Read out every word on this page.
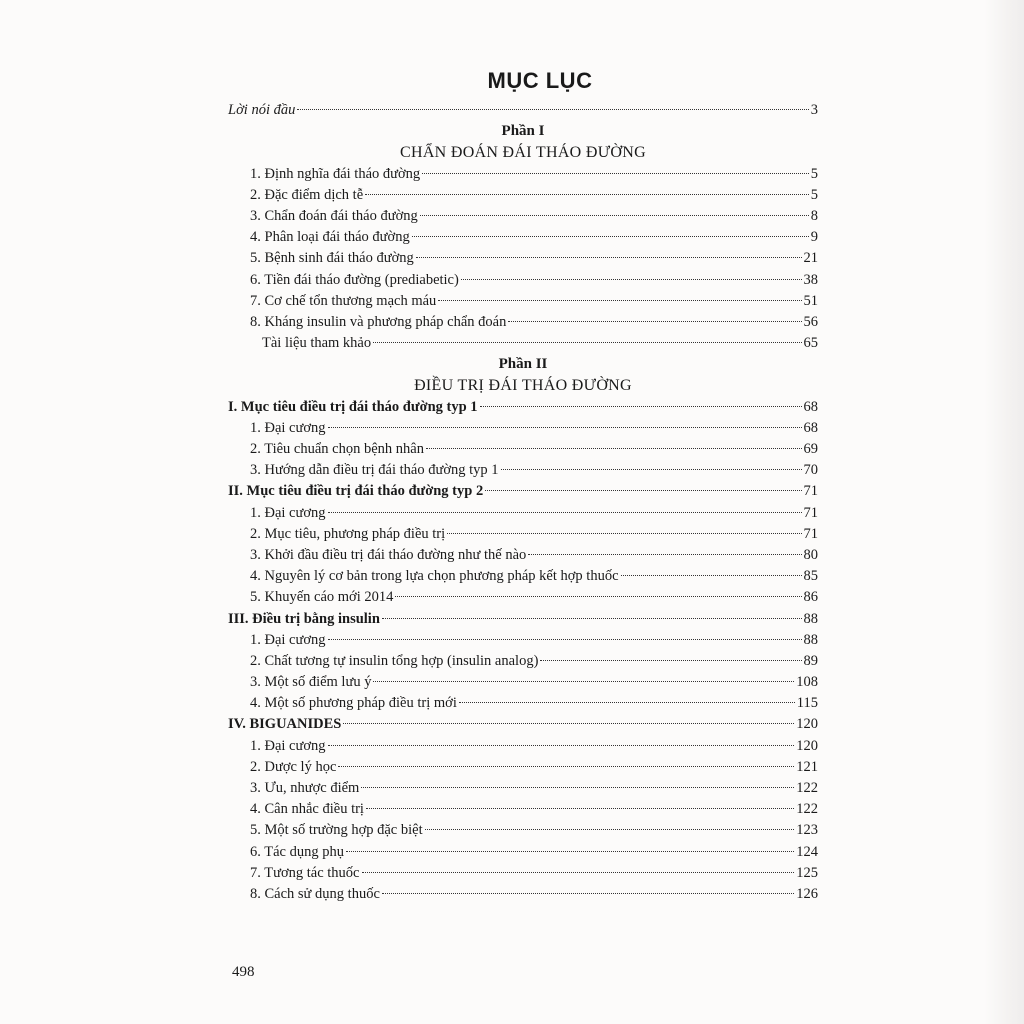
MỤC LỤC
Lời nói đầu	3
Phần I
CHẨN ĐOÁN ĐÁI THÁO ĐƯỜNG
1. Định nghĩa đái tháo đường	5
2. Đặc điểm dịch tễ	5
3. Chẩn đoán đái tháo đường	8
4. Phân loại đái tháo đường	9
5. Bệnh sinh đái tháo đường	21
6. Tiền đái tháo đường (prediabetic)	38
7. Cơ chế tổn thương mạch máu	51
8. Kháng insulin và phương pháp chẩn đoán	56
Tài liệu tham khảo	65
Phần II
ĐIỀU TRỊ ĐÁI THÁO ĐƯỜNG
I. Mục tiêu điều trị đái tháo đường typ 1	68
1. Đại cương	68
2. Tiêu chuẩn chọn bệnh nhân	69
3. Hướng dẫn điều trị đái tháo đường typ 1	70
II. Mục tiêu điều trị đái tháo đường typ 2	71
1. Đại cương	71
2. Mục tiêu, phương pháp điều trị	71
3. Khởi đầu điều trị đái tháo đường như thế nào	80
4. Nguyên lý cơ bản trong lựa chọn phương pháp kết hợp thuốc	85
5. Khuyến cáo mới 2014	86
III. Điều trị bằng insulin	88
1. Đại cương	88
2. Chất tương tự insulin tổng hợp (insulin analog)	89
3. Một số điểm lưu ý	108
4. Một số phương pháp điều trị mới	115
IV. BIGUANIDES	120
1. Đại cương	120
2. Dược lý học	121
3. Ưu, nhược điểm	122
4. Cân nhắc điều trị	122
5. Một số trường hợp đặc biệt	123
6. Tác dụng phụ	124
7. Tương tác thuốc	125
8. Cách sử dụng thuốc	126
498
